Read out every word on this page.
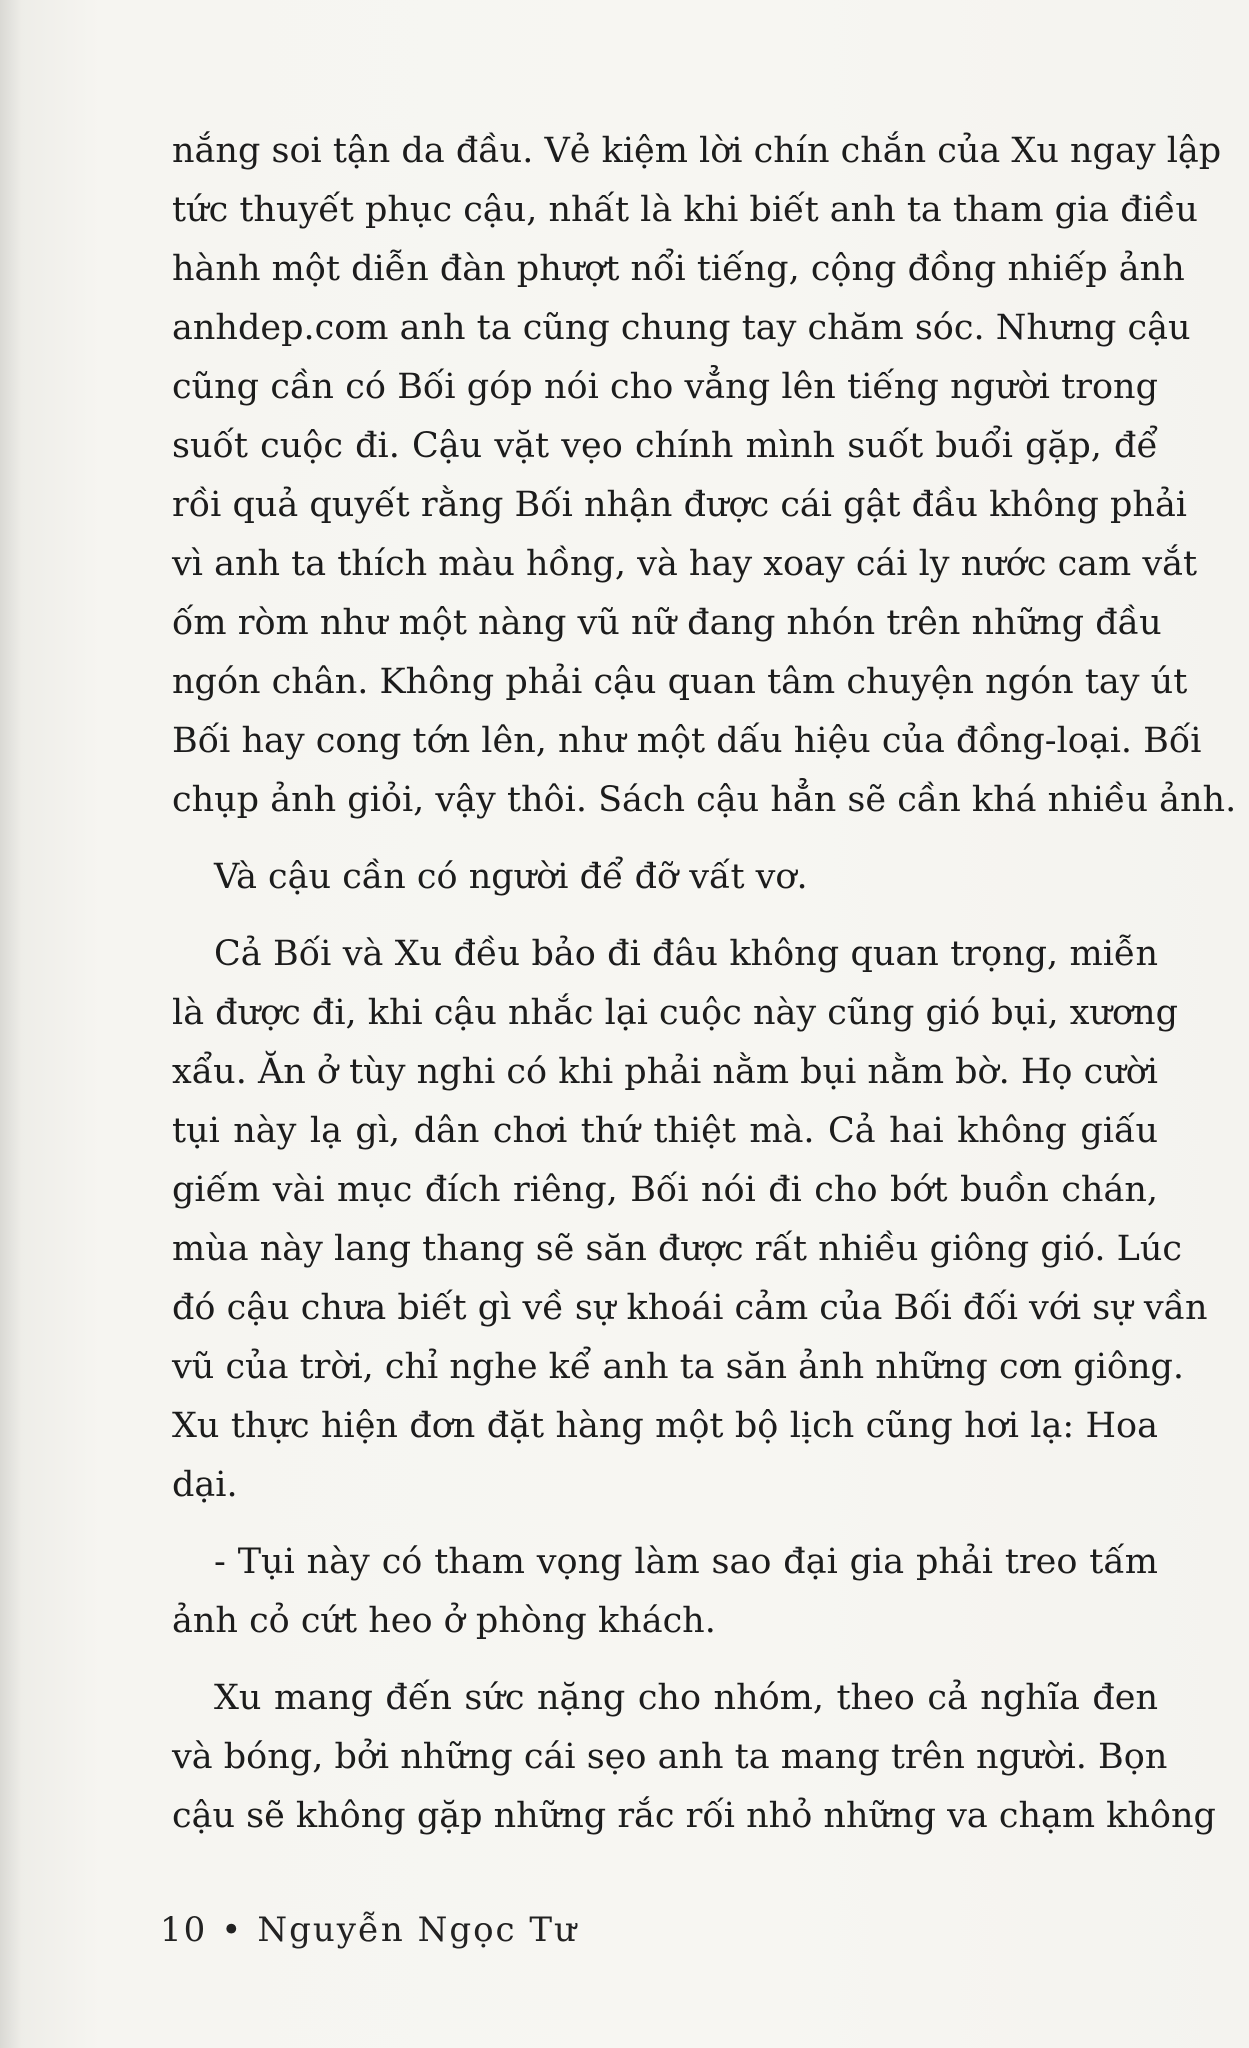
nắng soi tận da đầu. Vẻ kiệm lời chín chắn của Xu ngay lập
tức thuyết phục cậu, nhất là khi biết anh ta tham gia điều
hành một diễn đàn phượt nổi tiếng, cộng đồng nhiếp ảnh
anhdep.com anh ta cũng chung tay chăm sóc. Nhưng cậu
cũng cần có Bối góp nói cho vẳng lên tiếng người trong
suốt cuộc đi. Cậu vặt vẹo chính mình suốt buổi gặp, để
rồi quả quyết rằng Bối nhận được cái gật đầu không phải
vì anh ta thích màu hồng, và hay xoay cái ly nước cam vắt
ốm ròm như một nàng vũ nữ đang nhón trên những đầu
ngón chân. Không phải cậu quan tâm chuyện ngón tay út
Bối hay cong tớn lên, như một dấu hiệu của đồng-loại. Bối
chụp ảnh giỏi, vậy thôi. Sách cậu hẳn sẽ cần khá nhiều ảnh.

Và cậu cần có người để đỡ vất vơ.

Cả Bối và Xu đều bảo đi đâu không quan trọng, miễn
là được đi, khi cậu nhắc lại cuộc này cũng gió bụi, xương
xẩu. Ăn ở tùy nghi có khi phải nằm bụi nằm bờ. Họ cười
tụi này lạ gì, dân chơi thứ thiệt mà. Cả hai không giấu
giếm vài mục đích riêng, Bối nói đi cho bớt buồn chán,
mùa này lang thang sẽ săn được rất nhiều giông gió. Lúc
đó cậu chưa biết gì về sự khoái cảm của Bối đối với sự vần
vũ của trời, chỉ nghe kể anh ta săn ảnh những cơn giông.
Xu thực hiện đơn đặt hàng một bộ lịch cũng hơi lạ: Hoa
dại.

- Tụi này có tham vọng làm sao đại gia phải treo tấm
ảnh cỏ cứt heo ở phòng khách.

Xu mang đến sức nặng cho nhóm, theo cả nghĩa đen
và bóng, bởi những cái sẹo anh ta mang trên người. Bọn
cậu sẽ không gặp những rắc rối nhỏ những va chạm không

10 • Nguyễn Ngọc Tư
